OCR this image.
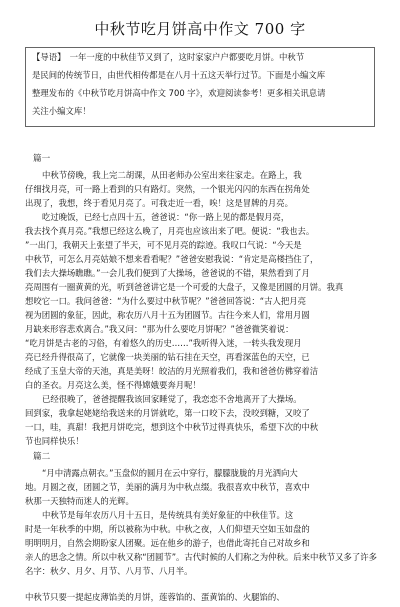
中秋节吃月饼高中作文 700 字
【导语】　一年一度的中秋佳节又到了，这时家家户户都要吃月饼。中秋节
是民间的传统节日，由世代相传都是在八月十五这天举行过节。下面是小编文库
整理发布的《中秋节吃月饼高中作文 700 字》，欢迎阅读参考！更多相关讯息请
关注小编文库！
篇一
中秋节傍晚，我上完二胡课，从田老师办公室出来往家走。在路上，我
仔细找月亮，可一路上看到的只有路灯。突然，一个银光闪闪的东西在拐角处
出现了，我想，终于看见月亮了。可我走近一看，唉！这是冒牌的月亮。
吃过晚饭，已经七点四十五，爸爸说：“你一路上见的都是假月亮，
我去找个真月亮。”我想已经这么晚了，月亮也应该出来了吧。便说：“我也去。
”一出门，我朝天上张望了半天，可不见月亮的踪迹。我叹口气说：“今天是
中秋节，可怎么月亮姑娘不想来看看呢？”爸爸安慰我说：“肯定是高楼挡住了，
我们去大操场瞧瞧。”一会儿我们便到了大操场，爸爸说的不错，果然看到了月
亮周围有一圈黄黄的光，听到爸爸讲它是一个可爱的大盘子，又像是团圆的月饼。我真
想咬它一口。我问爸爸：“为什么要过中秋节呢？”爸爸回答说：“古人把月亮
视为团圆的象征，因此，称农历八月十五为团圆节。古往今来人们，常用月圆
月缺来形容悲欢离合。”我又问：“那为什么要吃月饼呢？”爸爸微笑着说：
“吃月饼是古老的习俗，有着悠久的历史……”我听得入迷，一转头我发现月
亮已经升得很高了，它就像一块美丽的钻石挂在天空，再看深蓝色的天空，已
经成了玉皇大帝的天池，真是美呀！皎洁的月光照着我们，我和爸爸仿佛穿着洁
白的圣衣。月亮这么美，怪不得嫦娥要奔月呢！
已经很晚了，爸爸提醒我该回家睡觉了，我恋恋不舍地离开了大操场。
回到家，我拿起姥姥给我送来的月饼就吃，第一口咬下去，没咬到糖，又咬了
一口，哇，真甜！我把月饼吃完，想到这个中秋节过得真快乐，希望下次的中秋
节也同样快乐！
篇二
“月中清露点朝衣。”玉盘似的圆月在云中穿行，朦朦胧胧的月光洒向大
地。月圆之夜，团圆之节，美丽的满月为中秋点缀。我很喜欢中秋节，喜欢中
秋那一天独特而迷人的光辉。
中秋节是每年农历八月十五日，是传统具有美好象征的中秋佳节。这
时是一年秋季的中期，所以被称为中秋。中秋之夜，人们仰望天空如玉如盘的
明明明月，自然会期盼家人团聚。远在他乡的游子，也借此寄托自己对故乡和
亲人的思念之情。所以中秋又称“团圆节”。古代时候的人们称之为仲秋。后来中秋节又多了许多
名字：秋夕、月夕、月节、八月节、八月半。
中秋节只要一提起皮薄馅美的月饼，莲蓉馅的、蛋黄馅的、火腿馅的、
